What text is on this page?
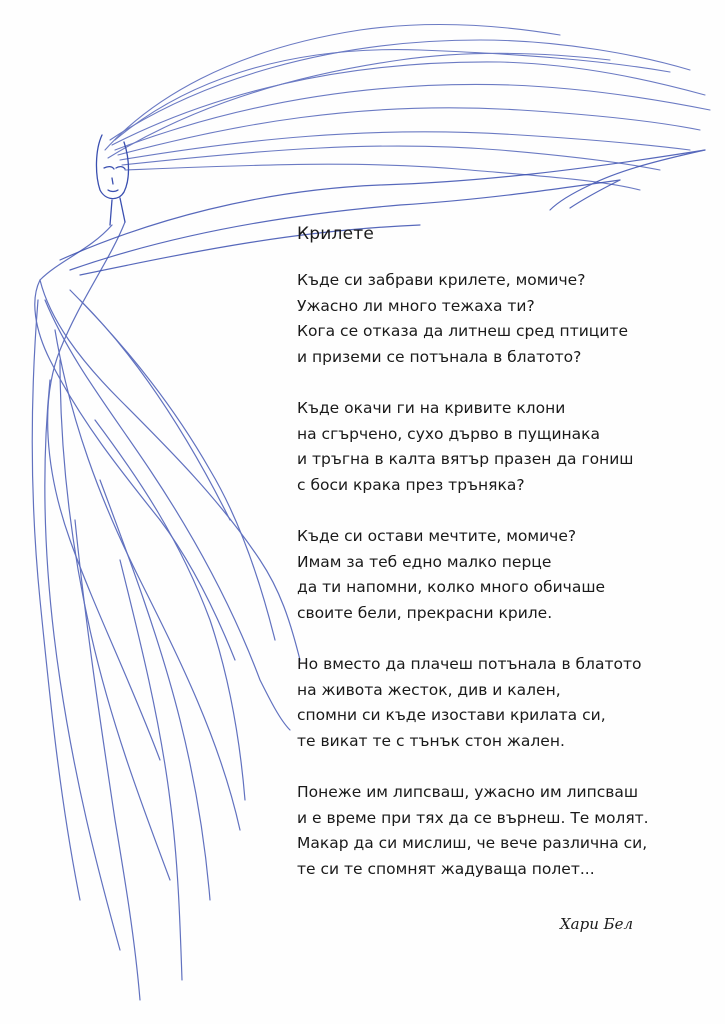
Крилете
Къде си забрави крилете, момиче?
Ужасно ли много тежаха ти?
Кога се отказа да литнеш сред птиците
и приземи се потънала в блатото?
Къде окачи ги на кривите клони
на сгърчено, сухо дърво в пущинака
и тръгна в калта вятър празен да гониш
с боси крака през тръняка?
Къде си остави мечтите, момиче?
Имам за теб едно малко перце
да ти напомни, колко много обичаше
своите бели, прекрасни криле.
Но вместо да плачеш потънала в блатото
на живота жесток, див и кален,
спомни си къде изостави крилата си,
те викат те с тънък стон жален.
Понеже им липсваш, ужасно им липсваш
и е време при тях да се върнеш. Те молят.
Макар да си мислиш, че вече различна си,
те си те спомнят жадуваща полет...
Хари Бел
